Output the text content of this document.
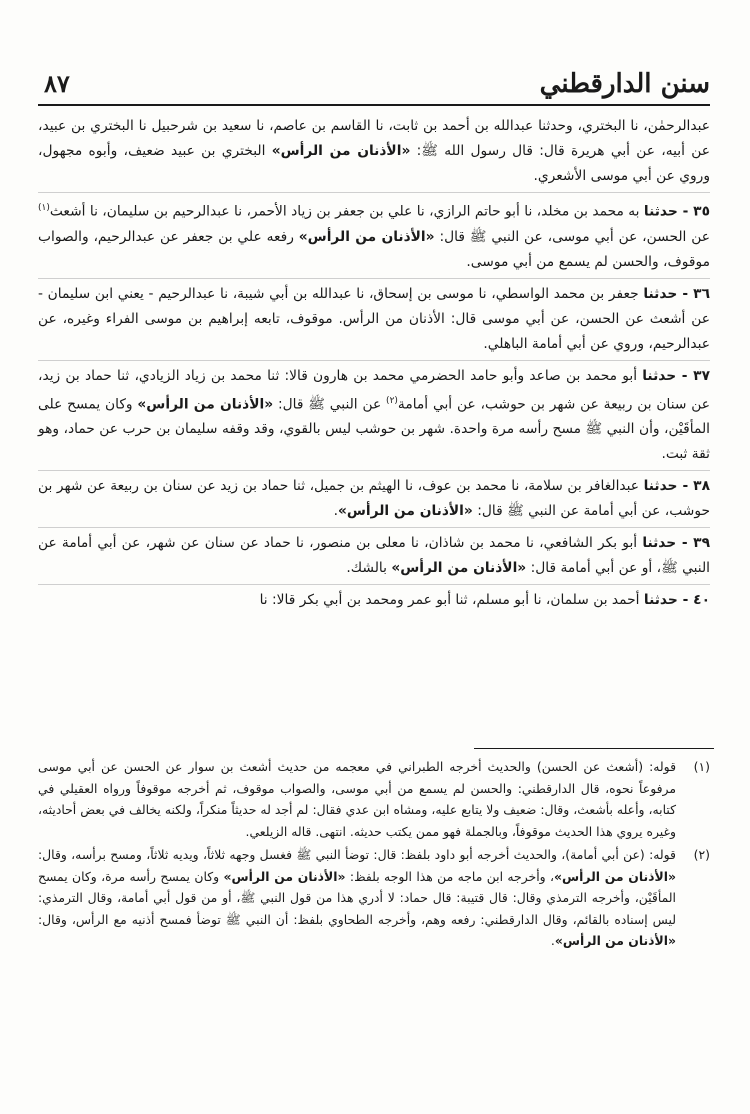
سنن الدارقطني
٨٧

عبدالرحمٰن، نا البختري، وحدثنا عبدالله بن أحمد بن ثابت، نا القاسم بن عاصم، نا سعيد بن شرحبيل نا البختري بن عبيد، عن أبيه، عن أبي هريرة قال: قال رسول الله ﷺ: «الأذنان من الرأس» البختري بن عبيد ضعيف، وأبوه مجهول، وروي عن أبي موسى الأشعري.

٣٥ - حدثنا به محمد بن مخلد، نا أبو حاتم الرازي، نا علي بن جعفر بن زياد الأحمر، نا عبدالرحيم بن سليمان، نا أشعث$^{(١)}$ عن الحسن، عن أبي موسى، عن النبي ﷺ قال: «الأذنان من الرأس» رفعه علي بن جعفر عن عبدالرحيم، والصواب موقوف، والحسن لم يسمع من أبي موسى.

٣٦ - حدثنا جعفر بن محمد الواسطي، نا موسى بن إسحاق، نا عبدالله بن أبي شيبة، نا عبدالرحيم - يعني ابن سليمان - عن أشعث عن الحسن، عن أبي موسى قال: الأذنان من الرأس. موقوف، تابعه إبراهيم بن موسى الفراء وغيره، عن عبدالرحيم، وروي عن أبي أمامة الباهلي.

٣٧ - حدثنا أبو محمد بن صاعد وأبو حامد الحضرمي محمد بن هارون قالا: ثنا محمد بن زياد الزيادي، ثنا حماد بن زيد، عن سنان بن ربيعة عن شهر بن حوشب، عن أبي أمامة$^{(٢)}$ عن النبي ﷺ قال: «الأذنان من الرأس» وكان يمسح على المأقَيْن، وأن النبي ﷺ مسح رأسه مرة واحدة. شهر بن حوشب ليس بالقوي، وقد وقفه سليمان بن حرب عن حماد، وهو ثقة ثبت.

٣٨ - حدثنا عبدالغافر بن سلامة، نا محمد بن عوف، نا الهيثم بن جميل، ثنا حماد بن زيد عن سنان بن ربيعة عن شهر بن حوشب، عن أبي أمامة عن النبي ﷺ قال: «الأذنان من الرأس».

٣٩ - حدثنا أبو بكر الشافعي، نا محمد بن شاذان، نا معلى بن منصور، نا حماد عن سنان عن شهر، عن أبي أمامة عن النبي ﷺ، أو عن أبي أمامة قال: «الأذنان من الرأس» بالشك.

٤٠ - حدثنا أحمد بن سلمان، نا أبو مسلم، ثنا أبو عمر ومحمد بن أبي بكر قالا: نا

(١)
قوله: (أشعث عن الحسن) والحديث أخرجه الطبراني في معجمه من حديث أشعث بن سوار عن الحسن عن أبي موسى مرفوعاً نحوه، قال الدارقطني: والحسن لم يسمع من أبي موسى، والصواب موقوف، ثم أخرجه موقوفاً ورواه العقيلي في كتابه، وأعله بأشعث، وقال: ضعيف ولا يتابع عليه، ومشاه ابن عدي فقال: لم أجد له حديثاً منكراً، ولكنه يخالف في بعض أحاديثه، وغيره يروي هذا الحديث موقوفاً، وبالجملة فهو ممن يكتب حديثه. انتهى. قاله الزيلعي.
(٢)
قوله: (عن أبي أمامة)، والحديث أخرجه أبو داود بلفظ: قال: توضأ النبي ﷺ فغسل وجهه ثلاثاً، ويديه ثلاثاً، ومسح برأسه، وقال: «الأذنان من الرأس»، وأخرجه ابن ماجه من هذا الوجه بلفظ: «الأذنان من الرأس» وكان يمسح رأسه مرة، وكان يمسح المأقَيْن، وأخرجه الترمذي وقال: قال قتيبة: قال حماد: لا أدري هذا من قول النبي ﷺ، أو من قول أبي أمامة، وقال الترمذي: ليس إسناده بالقائم، وقال الدارقطني: رفعه وهم، وأخرجه الطحاوي بلفظ: أن النبي ﷺ توضأ فمسح أذنيه مع الرأس، وقال: «الأذنان من الرأس».
